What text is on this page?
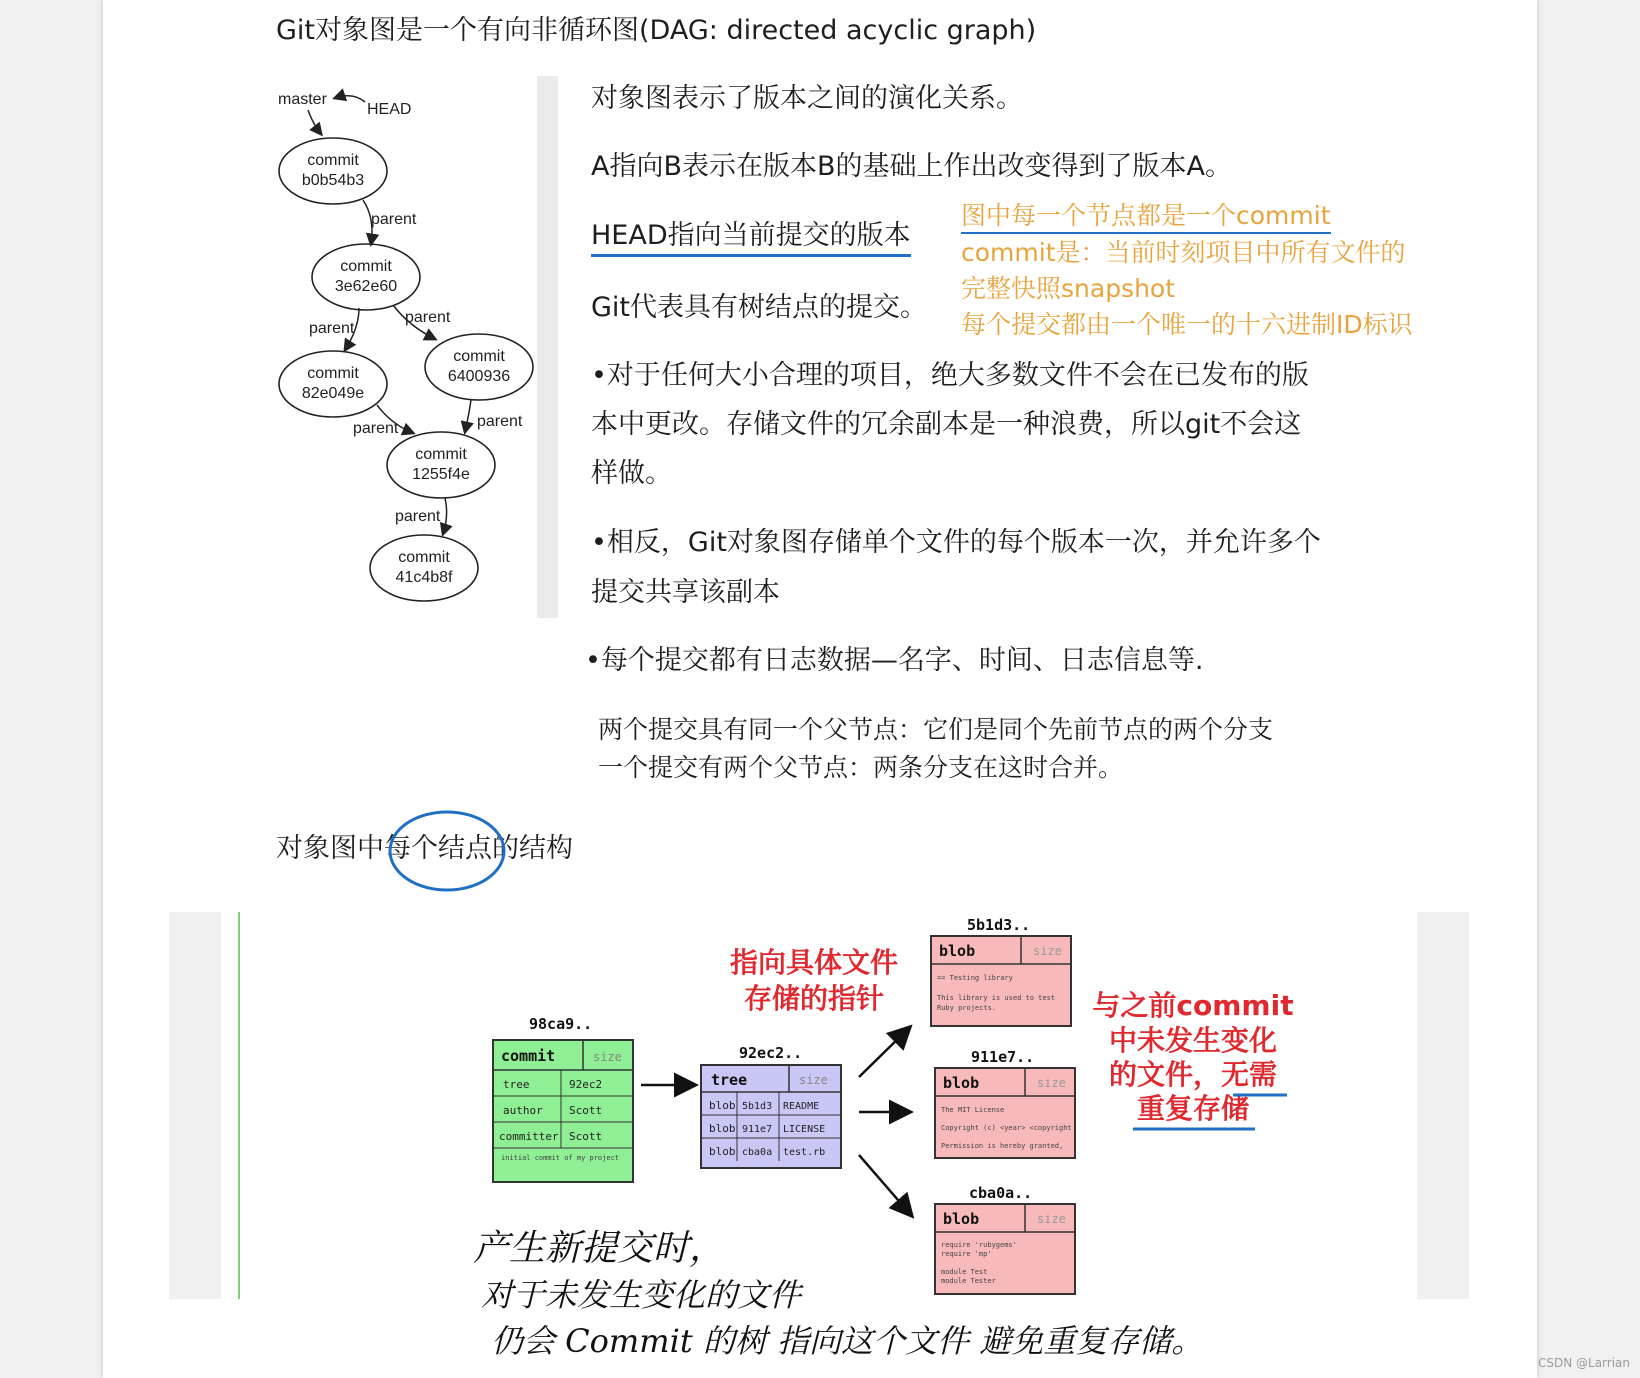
Git对象图是一个有向非循环图(DAG: directed acyclic graph)
master
HEAD
commit
b0b54b3
commit
3e62e60
commit
82e049e
commit
6400936
commit
1255f4e
commit
41c4b8f
parent
parent
parent
parent	parent
parent
对象图表示了版本之间的演化关系。
A指向B表示在版本B的基础上作出改变得到了版本A。
HEAD指向当前提交的版本
Git代表具有树结点的提交。
图中每一个节点都是一个commit
commit是：当前时刻项目中所有文件的
完整快照snapshot
每个提交都由一个唯一的十六进制ID标识
•对于任何大小合理的项目，绝大多数文件不会在已发布的版
本中更改。存储文件的冗余副本是一种浪费，所以git不会这
样做。
•相反，Git对象图存储单个文件的每个版本一次，并允许多个
提交共享该副本
•每个提交都有日志数据—名字、时间、日志信息等.
两个提交具有同一个父节点：它们是同个先前节点的两个分支
一个提交有两个父节点：两条分支在这时合并。
对象图中每个结点的结构
98ca9..
commit	size
tree	92ec2
author Scott
committer Scott
initial commit of my project
92ec2..
tree	size
blob 5b1d3 README
blob 911e7 LICENSE
blob cba0a test.rb
5b1d3..
blob	size
== Testing library
This library is used to test
Ruby projects.
911e7..
blob	size
The MIT License
Copyright (c) <year> <copyright
Permission is hereby granted,
cba0a..
blob	size
require 'rubygems'
require 'mp'
module Test
module Tester
指向具体文件
存储的指针	与之前commit
中未发生变化
的文件，无需
重复存储
产生新提交时，
对于未发生变化的文件
仍会 Commit 的树 指向这个文件 避免重复存储。
CSDN @Larrian
